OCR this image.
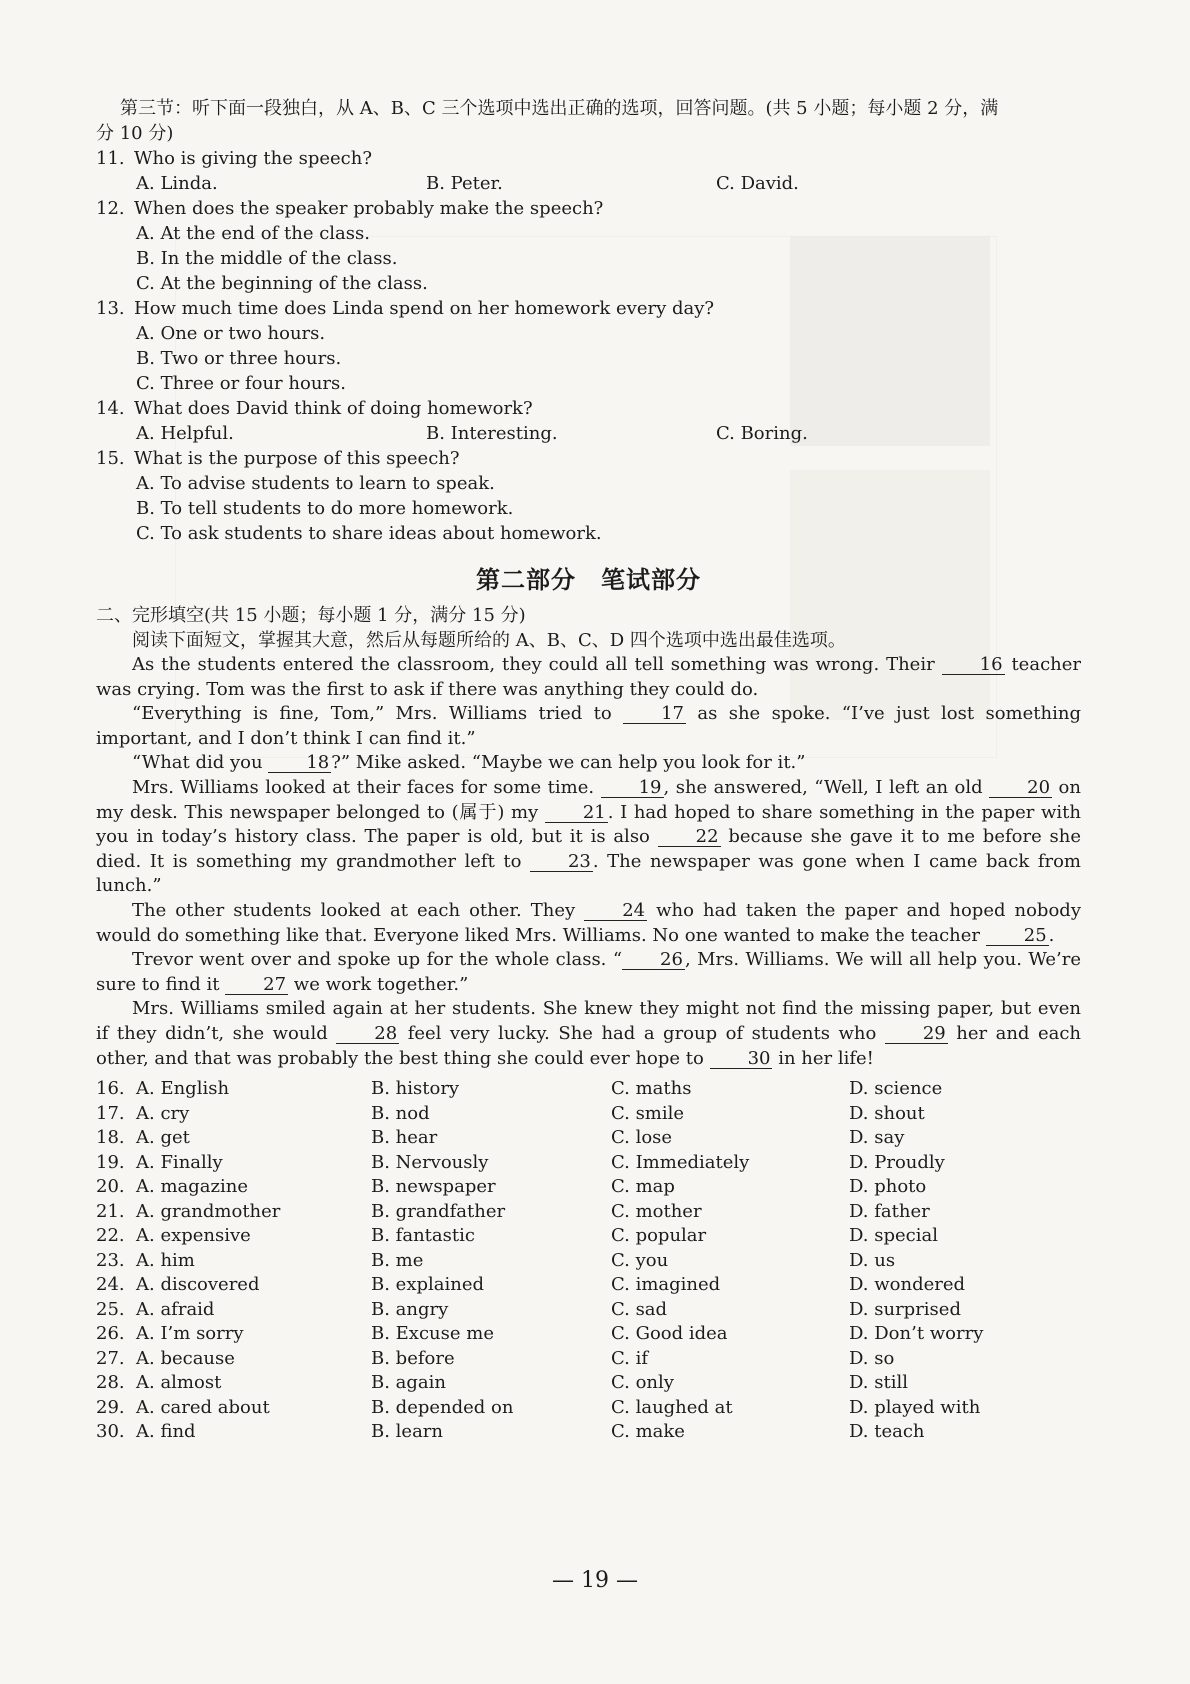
第三节：听下面一段独白，从 A、B、C 三个选项中选出正确的选项，回答问题。(共 5 小题；每小题 2 分，满
分 10 分)
11. Who is giving the speech?
A. Linda.	B. Peter.	C. David.
12. When does the speaker probably make the speech?
A. At the end of the class.
B. In the middle of the class.
C. At the beginning of the class.
13. How much time does Linda spend on her homework every day?
A. One or two hours.
B. Two or three hours.
C. Three or four hours.
14. What does David think of doing homework?
A. Helpful.	B. Interesting.	C. Boring.
15. What is the purpose of this speech?
A. To advise students to learn to speak.
B. To tell students to do more homework.
C. To ask students to share ideas about homework.
第二部分　笔试部分
二、完形填空(共 15 小题；每小题 1 分，满分 15 分)
阅读下面短文，掌握其大意，然后从每题所给的 A、B、C、D 四个选项中选出最佳选项。

As the students entered the classroom, they could all tell something was wrong. Their 16 teacher was crying. Tom was the first to ask if there was anything they could do.

“Everything is fine, Tom,” Mrs. Williams tried to 17 as she spoke. “I’ve just lost something important, and I don’t think I can find it.”

“What did you 18 ?” Mike asked. “Maybe we can help you look for it.”

Mrs. Williams looked at their faces for some time. 19 , she answered, “Well, I left an old 20 on my desk. This newspaper belonged to (属于) my 21 . I had hoped to share something in the paper with you in today’s history class. The paper is old, but it is also 22 because she gave it to me before she died. It is something my grandmother left to 23 . The newspaper was gone when I came back from lunch.”

The other students looked at each other. They 24 who had taken the paper and hoped nobody would do something like that. Everyone liked Mrs. Williams. No one wanted to make the teacher 25 .

Trevor went over and spoke up for the whole class. “ 26 , Mrs. Williams. We will all help you. We’re sure to find it 27 we work together.”

Mrs. Williams smiled again at her students. She knew they might not find the missing paper, but even if they didn’t, she would 28 feel very lucky. She had a group of students who 29 her and each other, and that was probably the best thing she could ever hope to 30 in her life!

16. A. English	B. history	C. maths	D. science
17. A. cry	B. nod	C. smile	D. shout
18. A. get	B. hear	C. lose	D. say
19. A. Finally	B. Nervously	C. Immediately	D. Proudly
20. A. magazine	B. newspaper	C. map	D. photo
21. A. grandmother	B. grandfather	C. mother	D. father
22. A. expensive	B. fantastic	C. popular	D. special
23. A. him	B. me	C. you	D. us
24. A. discovered	B. explained	C. imagined	D. wondered
25. A. afraid	B. angry	C. sad	D. surprised
26. A. I’m sorry	B. Excuse me	C. Good idea	D. Don’t worry
27. A. because	B. before	C. if	D. so
28. A. almost	B. again	C. only	D. still
29. A. cared about	B. depended on	C. laughed at	D. played with
30. A. find	B. learn	C. make	D. teach
— 19 —
